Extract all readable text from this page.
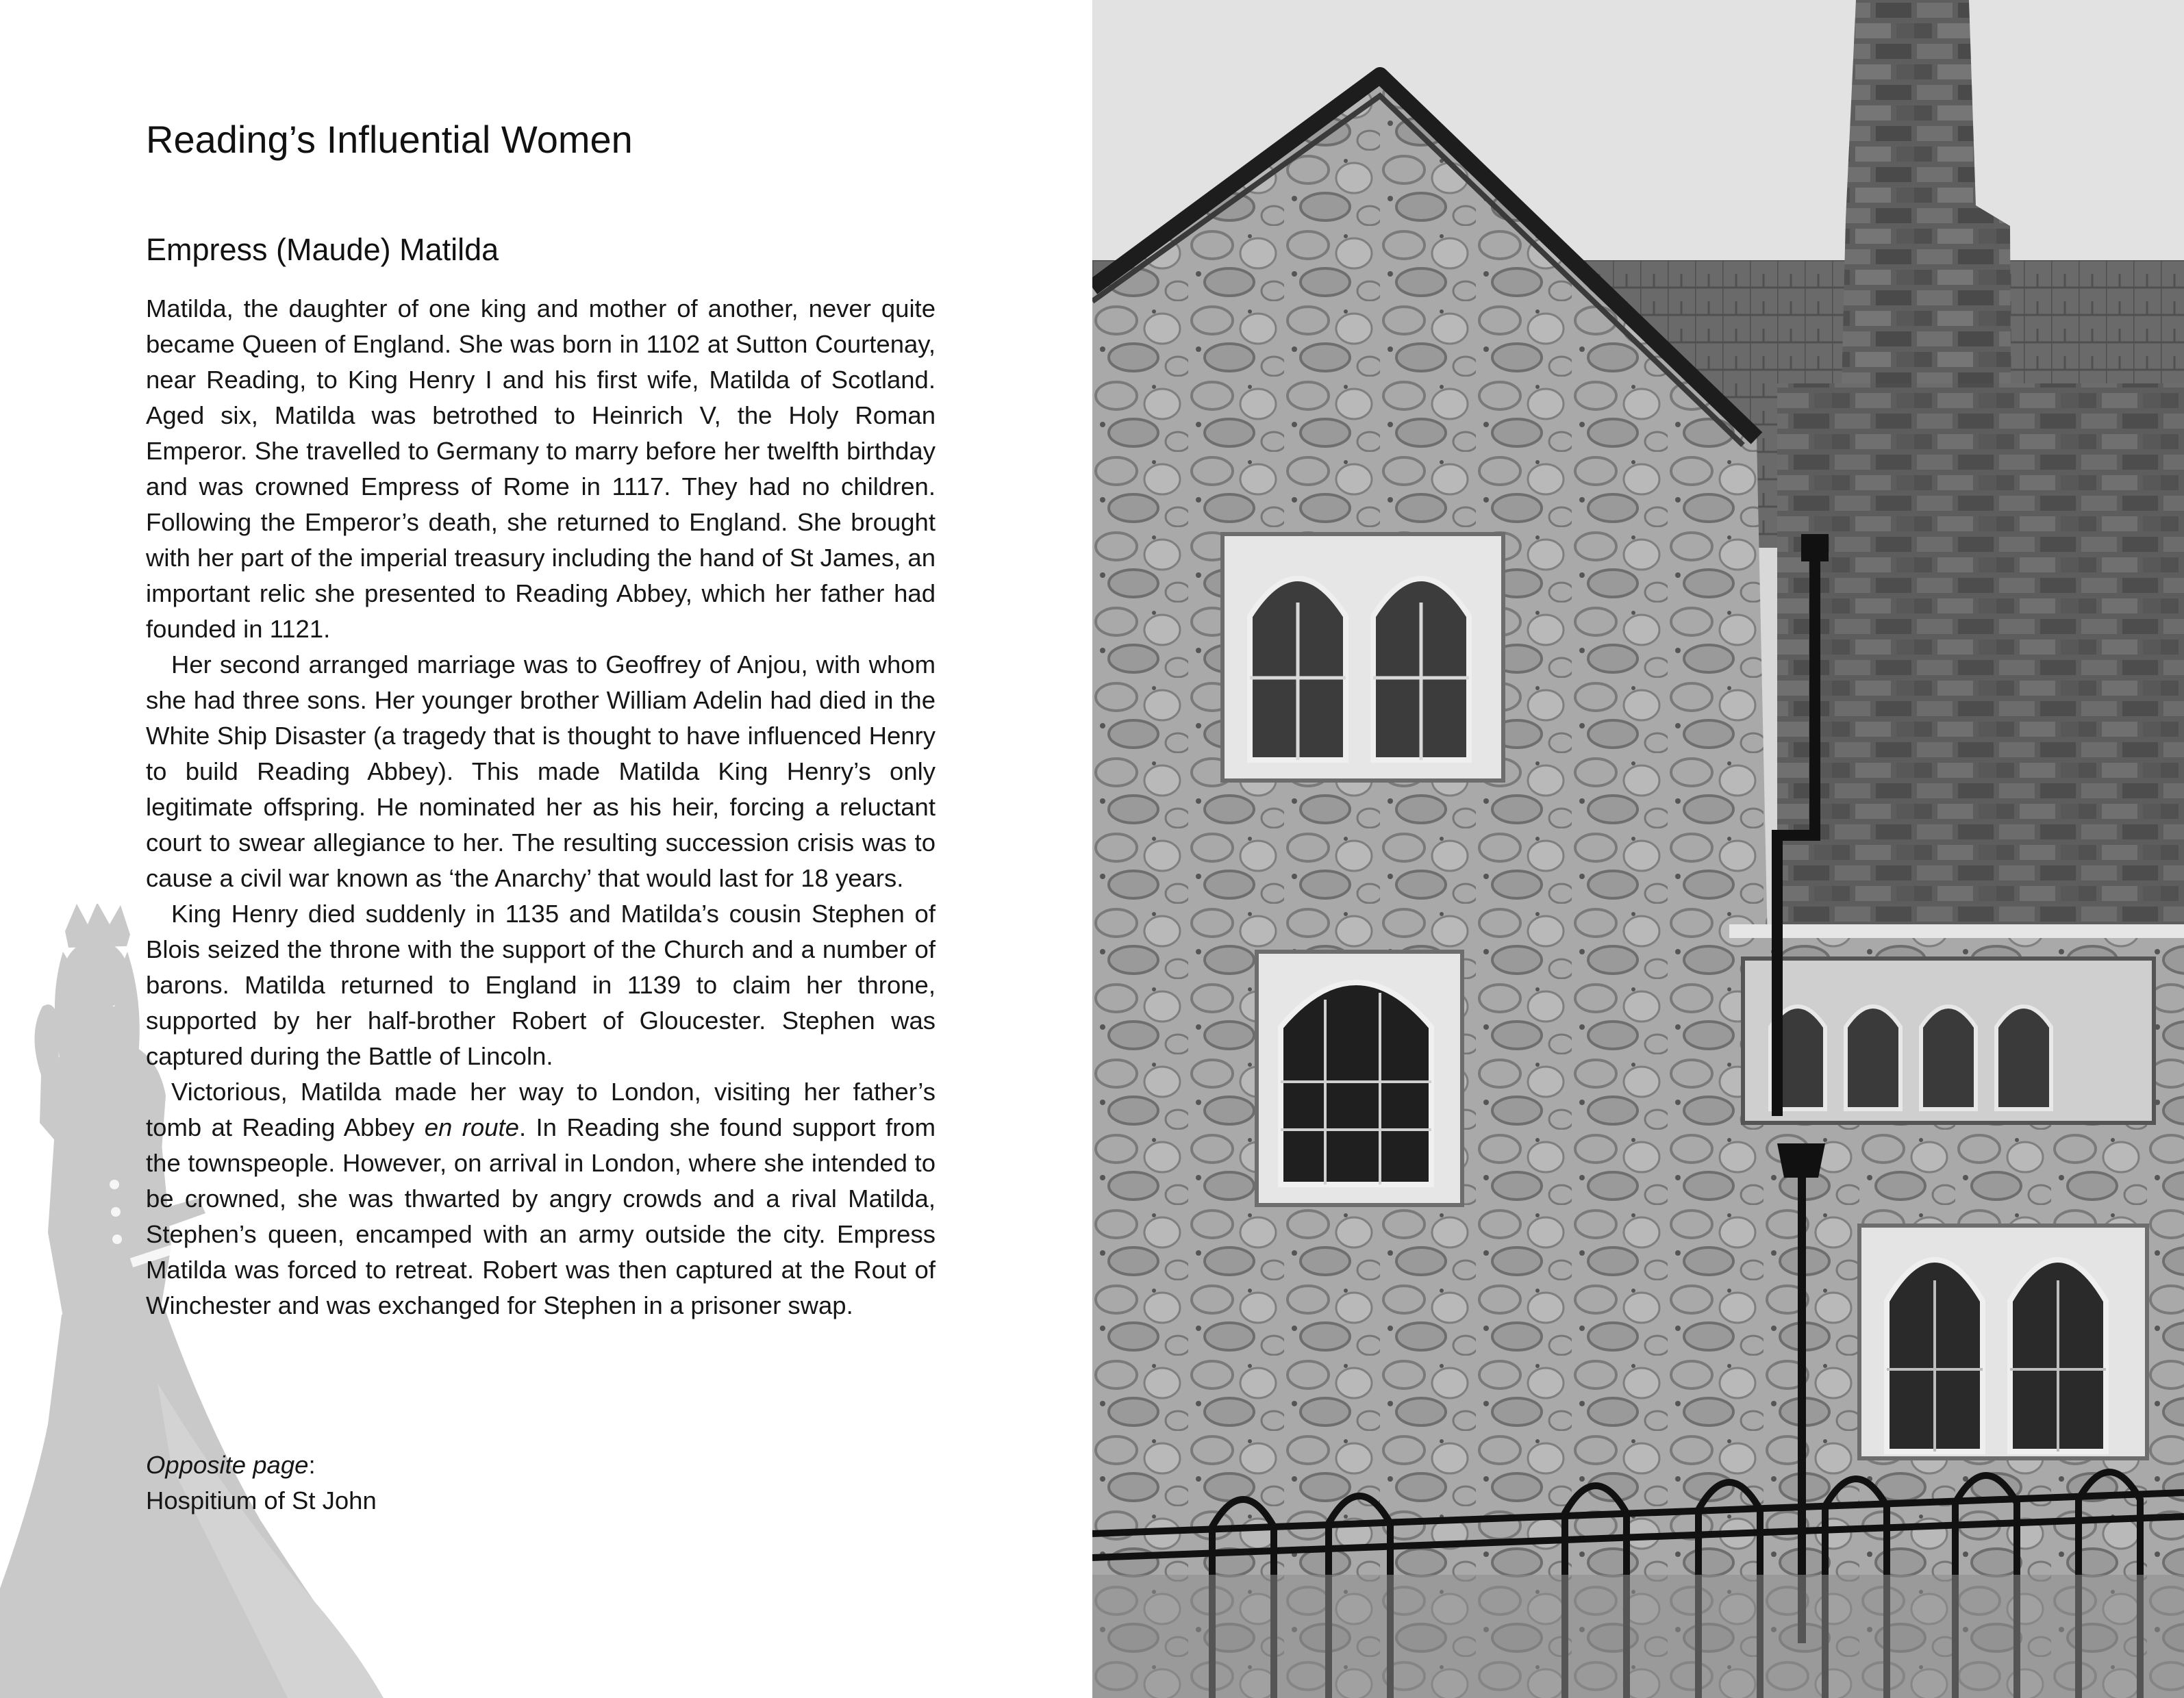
Reading’s Influential Women
Empress (Maude) Matilda

Matilda, the daughter of one king and mother of another, never quite became Queen of England. She was born in 1102 at Sutton Courtenay, near Reading, to King Henry I and his first wife, Matilda of Scotland. Aged six, Matilda was betrothed to Heinrich V, the Holy Roman Emperor. She travelled to Germany to marry before her twelfth birthday and was crowned Empress of Rome in 1117. They had no children. Following the Emperor’s death, she returned to England. She brought with her part of the imperial treasury including the hand of St James, an important relic she presented to Reading Abbey, which her father had founded in 1121.

Her second arranged marriage was to Geoffrey of Anjou, with whom she had three sons. Her younger brother William Adelin had died in the White Ship Disaster (a tragedy that is thought to have influenced Henry to build Reading Abbey). This made Matilda King Henry’s only legitimate offspring. He nominated her as his heir, forcing a reluctant court to swear allegiance to her. The resulting succession crisis was to cause a civil war known as ‘the Anarchy’ that would last for 18 years.

King Henry died suddenly in 1135 and Matilda’s cousin Stephen of Blois seized the throne with the support of the Church and a number of barons. Matilda returned to England in 1139 to claim her throne, supported by her half-brother Robert of Gloucester. Stephen was captured during the Battle of Lincoln.

Victorious, Matilda made her way to London, visiting her father’s tomb at Reading Abbey en route. In Reading she found support from the townspeople. However, on arrival in London, where she intended to be crowned, she was thwarted by angry crowds and a rival Matilda, Stephen’s queen, encamped with an army outside the city. Empress Matilda was forced to retreat. Robert was then captured at the Rout of Winchester and was exchanged for Stephen in a prisoner swap.

Opposite page:
Hospitium of St John
